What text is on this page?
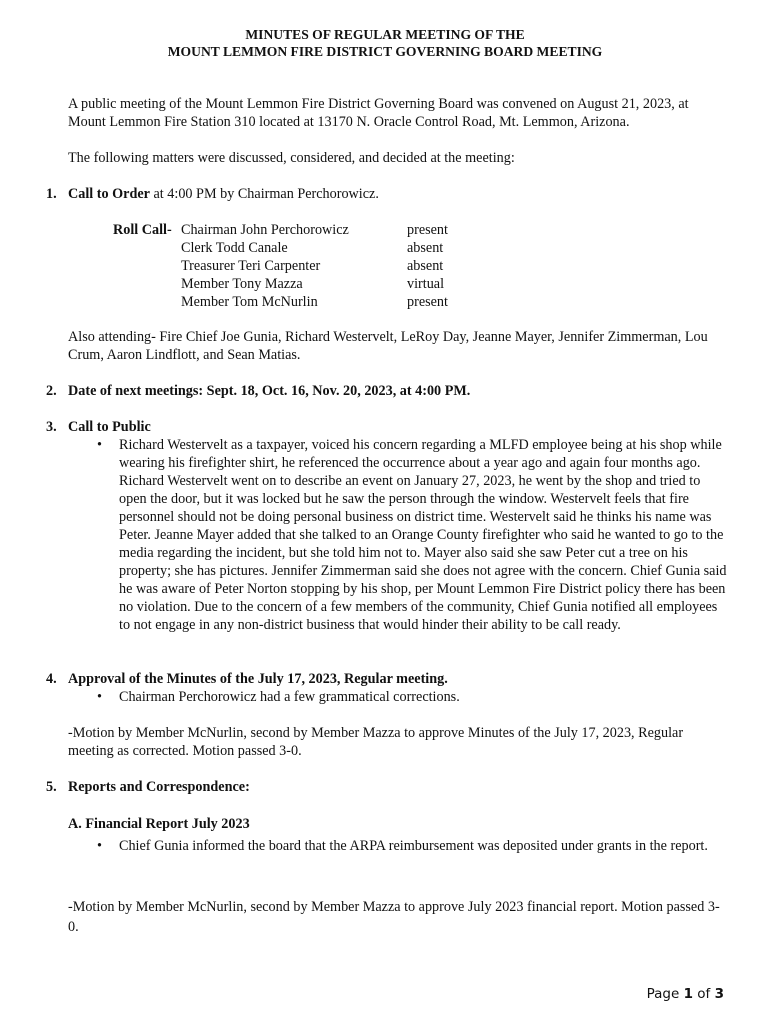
MINUTES OF REGULAR MEETING OF THE
MOUNT LEMMON FIRE DISTRICT GOVERNING BOARD MEETING

A public meeting of the Mount Lemmon Fire District Governing Board was convened on August 21, 2023, at Mount Lemmon Fire Station 310 located at 13170 N. Oracle Control Road, Mt. Lemmon, Arizona.

The following matters were discussed, considered, and decided at the meeting:

1. Call to Order at 4:00 PM by Chairman Perchorowicz.
Roll Call- Chairman John Perchorowicz
Clerk Todd Canale
Treasurer Teri Carpenter
Member Tony Mazza
Member Tom McNurlin
present
absent
absent
virtual
present

Also attending- Fire Chief Joe Gunia, Richard Westervelt, LeRoy Day, Jeanne Mayer, Jennifer Zimmerman, Lou Crum, Aaron Lindflott, and Sean Matias.

2. Date of next meetings: Sept. 18, Oct. 16, Nov. 20, 2023, at 4:00 PM.
3. Call to Public
• Richard Westervelt as a taxpayer, voiced his concern regarding a MLFD employee being at his shop while wearing his firefighter shirt, he referenced the occurrence about a year ago and again four months ago. Richard Westervelt went on to describe an event on January 27, 2023, he went by the shop and tried to open the door, but it was locked but he saw the person through the window. Westervelt feels that fire personnel should not be doing personal business on district time. Westervelt said he thinks his name was Peter. Jeanne Mayer added that she talked to an Orange County firefighter who said he wanted to go to the media regarding the incident, but she told him not to. Mayer also said she saw Peter cut a tree on his property; she has pictures. Jennifer Zimmerman said she does not agree with the concern. Chief Gunia said he was aware of Peter Norton stopping by his shop, per Mount Lemmon Fire District policy there has been no violation. Due to the concern of a few members of the community, Chief Gunia notified all employees to not engage in any non-district business that would hinder their ability to be call ready.
4. Approval of the Minutes of the July 17, 2023, Regular meeting.
• Chairman Perchorowicz had a few grammatical corrections.

-Motion by Member McNurlin, second by Member Mazza to approve Minutes of the July 17, 2023, Regular meeting as corrected. Motion passed 3-0.

5. Reports and Correspondence:
A. Financial Report July 2023
• Chief Gunia informed the board that the ARPA reimbursement was deposited under grants in the report.

-Motion by Member McNurlin, second by Member Mazza to approve July 2023 financial report. Motion passed 3-0.

Page 1 of 3
